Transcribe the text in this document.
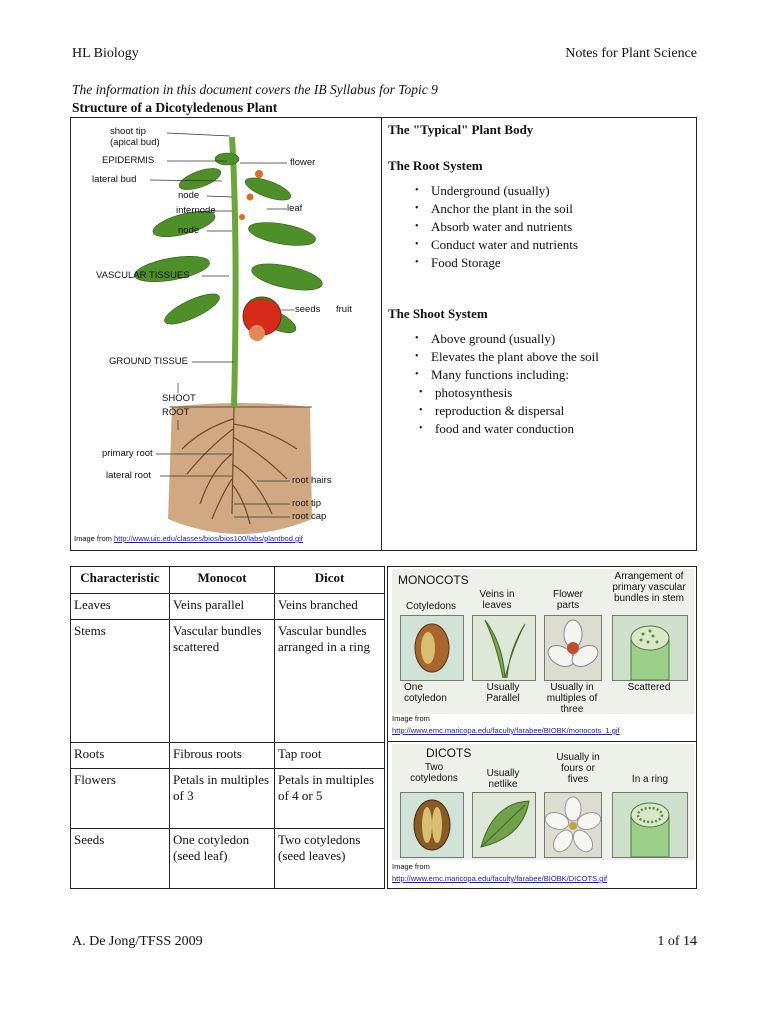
HL Biology	Notes for Plant Science
The information in this document covers the IB Syllabus for Topic 9
Structure of a Dicotyledenous Plant
shoot tip
(apical bud)
EPIDERMIS
lateral bud
node
internode
node
VASCULAR TISSUES
GROUND TISSUE
SHOOT
ROOT
primary root
lateral root
flower
leaf
seeds fruit
root hairs
root tip
root cap
Image from http://www.uic.edu/classes/bios/bios100/labs/plantbod.gif
The "Typical" Plant Body
The Root System
• Underground (usually)
• Anchor the plant in the soil
• Absorb water and nutrients
• Conduct water and nutrients
• Food Storage
The Shoot System
• Above ground (usually)
• Elevates the plant above the soil
• Many functions including:
• photosynthesis
• reproduction & dispersal
• food and water conduction
Characteristic	Monocot	Dicot
Leaves	Veins parallel	Veins branched
Stems	Vascular bundles scattered	Vascular bundles arranged in a ring
Roots	Fibrous roots	Tap root
Flowers	Petals in multiples of 3	Petals in multiples of 4 or 5
Seeds	One cotyledon (seed leaf)	Two cotyledons (seed leaves)
MONOCOTS
Cotyledons
Veins in leaves
Flower parts
Arrangement of primary vascular bundles in stem
One cotyledon
Usually Parallel
Usually in multiples of three
Scattered
Image from
http://www.emc.maricopa.edu/faculty/farabee/BIOBK/monocots_1.gif
DICOTS
Two cotyledons	Usually netlike
Usually in fours or fives	In a ring
Image from
http://www.emc.maricopa.edu/faculty/farabee/BIOBK/DICOTS.gif
A. De Jong/TFSS 2009	1 of 14
